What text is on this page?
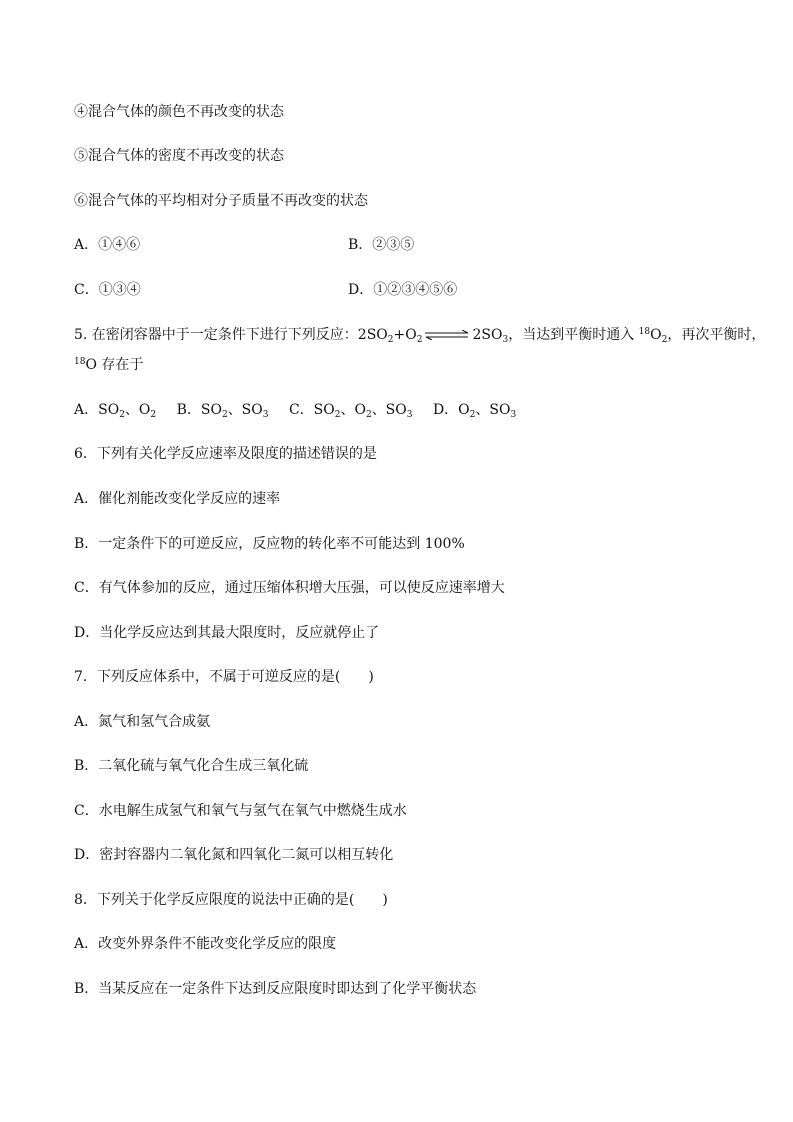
④混合气体的颜色不再改变的状态
⑤混合气体的密度不再改变的状态
⑥混合气体的平均相对分子质量不再改变的状态
A．①④⑥	B．②③⑤
C．①③④	D．①②③④⑤⑥
5. 在密闭容器中于一定条件下进行下列反应：$2SO_2+O_2$ ⇌ $2SO_3$，当达到平衡时通入 $^{18}O_2$，再次平衡时，
$^{18}$O 存在于
A．$SO_2$、$O_2$ B．$SO_2$、$SO_3$ C．$SO_2$、$O_2$、$SO_3$ D．$O_2$、$SO_3$
6．下列有关化学反应速率及限度的描述错误的是
A．催化剂能改变化学反应的速率
B．一定条件下的可逆反应，反应物的转化率不可能达到 100%
C．有气体参加的反应，通过压缩体积增大压强，可以使反应速率增大
D．当化学反应达到其最大限度时，反应就停止了
7．下列反应体系中，不属于可逆反应的是(　　)
A．氮气和氢气合成氨
B．二氧化硫与氧气化合生成三氧化硫
C．水电解生成氢气和氧气与氢气在氧气中燃烧生成水
D．密封容器内二氧化氮和四氧化二氮可以相互转化
8．下列关于化学反应限度的说法中正确的是(　　)
A．改变外界条件不能改变化学反应的限度
B．当某反应在一定条件下达到反应限度时即达到了化学平衡状态
